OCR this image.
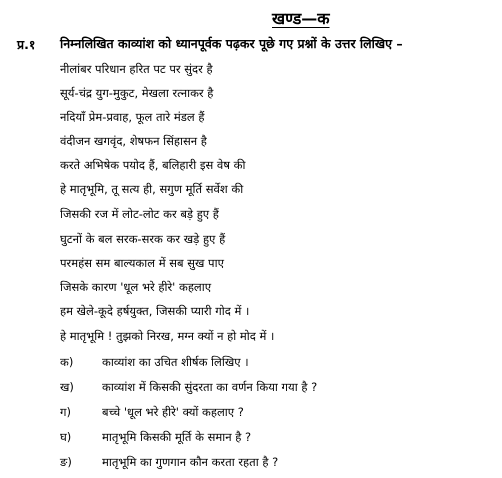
खण्ड—क
प्र.१ निम्नलिखित काव्यांश को ध्यानपूर्वक पढ़कर पूछे गए प्रश्नों के उत्तर लिखिए –
नीलांबर परिधान हरित पट पर सुंदर है
सूर्य-चंद्र युग-मुकुट, मेखला रत्नाकर है
नदियाँ प्रेम-प्रवाह, फूल तारे मंडल हैं
वंदीजन खगवृंद, शेषफन सिंहासन है
करते अभिषेक पयोद हैं, बलिहारी इस वेष की
हे मातृभूमि, तू सत्य ही, सगुण मूर्ति सर्वेश की
जिसकी रज में लोट-लोट कर बड़े हुए हैं
घुटनों के बल सरक-सरक कर खड़े हुए हैं
परमहंस सम बाल्यकाल में सब सुख पाए
जिसके कारण 'धूल भरे हीरे' कहलाए
हम खेले-कूदे हर्षयुक्त, जिसकी प्यारी गोद में ।
हे मातृभूमि ! तुझको निरख, मग्न क्यों न हो मोद में ।
क) काव्यांश का उचित शीर्षक लिखिए ।
ख) काव्यांश में किसकी सुंदरता का वर्णन किया गया है ?
ग)	बच्चे 'धूल भरे हीरे' क्यों कहलाए ?
घ)	मातृभूमि किसकी मूर्ति के समान है ?
ङ)	मातृभूमि का गुणगान कौन करता रहता है ?
